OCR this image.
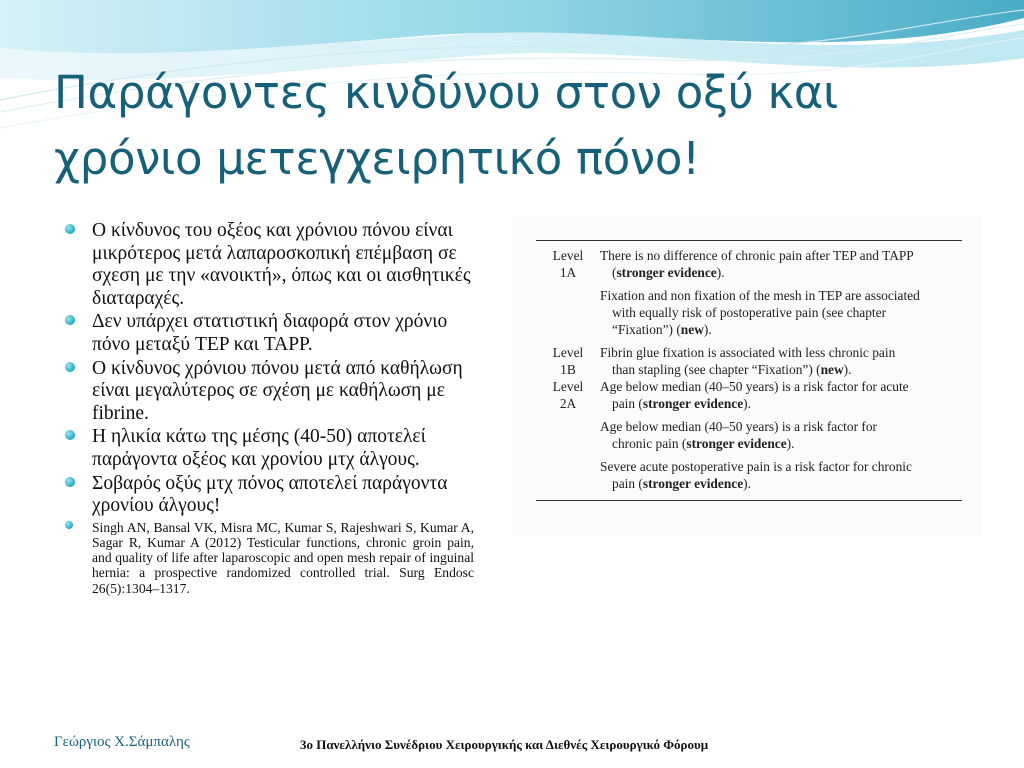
Παράγοντες κινδύνου στον οξύ και χρόνιο μετεγχειρητικό πόνο!
Ο κίνδυνος του οξέος και χρόνιου πόνου είναι μικρότερος μετά λαπαροσκοπική επέμβαση σε σχεση με την «ανοικτή», όπως και οι αισθητικές διαταραχές.
Δεν υπάρχει στατιστική διαφορά στον χρόνιο πόνο μεταξύ TEP και TAPP.
Ο κίνδυνος χρόνιου πόνου μετά από καθήλωση είναι μεγαλύτερος σε σχέση με καθήλωση με fibrine.
Η ηλικία κάτω της μέσης (40-50) αποτελεί παράγοντα οξέος και χρονίου μτχ άλγους.
Σοβαρός οξύς μτχ πόνος αποτελεί παράγοντα χρονίου άλγους!
Singh AN, Bansal VK, Misra MC, Kumar S, Rajeshwari S, Kumar A, Sagar R, Kumar A (2012) Testicular functions, chronic groin pain, and quality of life after laparoscopic and open mesh repair of inguinal hernia: a prospective randomized controlled trial. Surg Endosc 26(5):1304–1317.
Level
1A
There is no difference of chronic pain after TEP and TAPP
(stronger evidence).
Fixation and non fixation of the mesh in TEP are associated
with equally risk of postoperative pain (see chapter
“Fixation”) (new).
Level
1B
Fibrin glue fixation is associated with less chronic pain
than stapling (see chapter “Fixation”) (new).
Level
2A
Age below median (40–50 years) is a risk factor for acute
pain (stronger evidence).
Age below median (40–50 years) is a risk factor for
chronic pain (stronger evidence).
Severe acute postoperative pain is a risk factor for chronic
pain (stronger evidence).
Γεώργιος Χ.Σάμπαλης	3o Πανελλήνιο Συνέδριου Χειρουργικής και Διεθνές Χειρουργικό Φόρουμ
